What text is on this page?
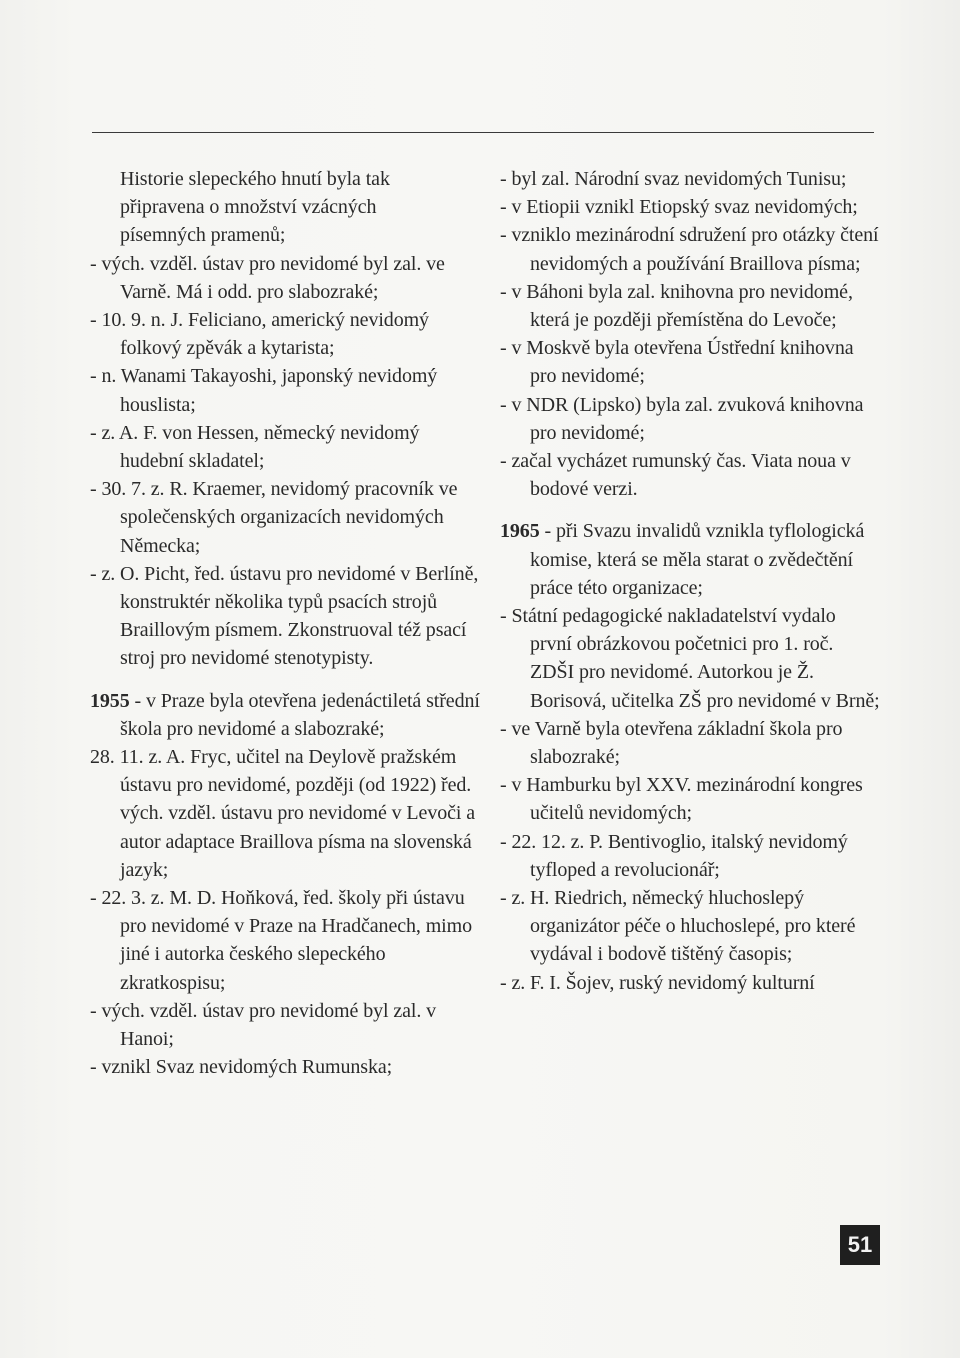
Historie slepeckého hnutí byla tak

připravena o množství vzácných

písemných pramenů;

- vých. vzděl. ústav pro nevidomé byl zal. ve Varně. Má i odd. pro slabozraké;

- 10. 9. n. J. Feliciano, americký nevidomý folkový zpěvák a kytarista;

- n. Wanami Takayoshi, japonský nevidomý houslista;

- z. A. F. von Hessen, německý nevidomý hudební skladatel;

- 30. 7. z. R. Kraemer, nevidomý pracovník ve společenských organizacích nevidomých Německa;

- z. O. Picht, řed. ústavu pro nevidomé v Berlíně, konstruktér několika typů psacích strojů Braillovým písmem. Zkonstruoval též psací stroj pro nevidomé stenotypisty.

1955 - v Praze byla otevřena jedenáctiletá střední škola pro nevidomé a slabozraké;

28. 11. z. A. Fryc, učitel na Deylově pražském ústavu pro nevidomé, později (od 1922) řed. vých. vzděl. ústavu pro nevidomé v Levoči a autor adaptace Braillova písma na slovenská jazyk;

- 22. 3. z. M. D. Hoňková, řed. školy při ústavu pro nevidomé v Praze na Hradčanech, mimo jiné i autorka českého slepeckého zkratkospisu;

- vých. vzděl. ústav pro nevidomé byl zal. v Hanoi;

- vznikl Svaz nevidomých Rumunska;

- byl zal. Národní svaz nevidomých Tunisu;

- v Etiopii vznikl Etiopský svaz nevidomých;

- vzniklo mezinárodní sdružení pro otázky čtení nevidomých a používání Braillova písma;

- v Báhoni byla zal. knihovna pro nevidomé, která je později přemístěna do Levoče;

- v Moskvě byla otevřena Ústřední knihovna pro nevidomé;

- v NDR (Lipsko) byla zal. zvuková knihovna pro nevidomé;

- začal vycházet rumunský čas. Viata noua v bodové verzi.

1965 - při Svazu invalidů vznikla tyflologická komise, která se měla starat o zvědečtění práce této organizace;

- Státní pedagogické nakladatelství vydalo první obrázkovou početnici pro 1. roč. ZDŠI pro nevidomé. Autorkou je Ž. Borisová, učitelka ZŠ pro nevidomé v Brně;

- ve Varně byla otevřena základní škola pro slabozraké;

- v Hamburku byl XXV. mezinárodní kongres učitelů nevidomých;

- 22. 12. z. P. Bentivoglio, italský nevidomý tyfloped a revolucionář;

- z. H. Riedrich, německý hluchoslepý organizátor péče o hluchoslepé, pro které vydával i bodově tištěný časopis;

- z. F. I. Šojev, ruský nevidomý kulturní

51
